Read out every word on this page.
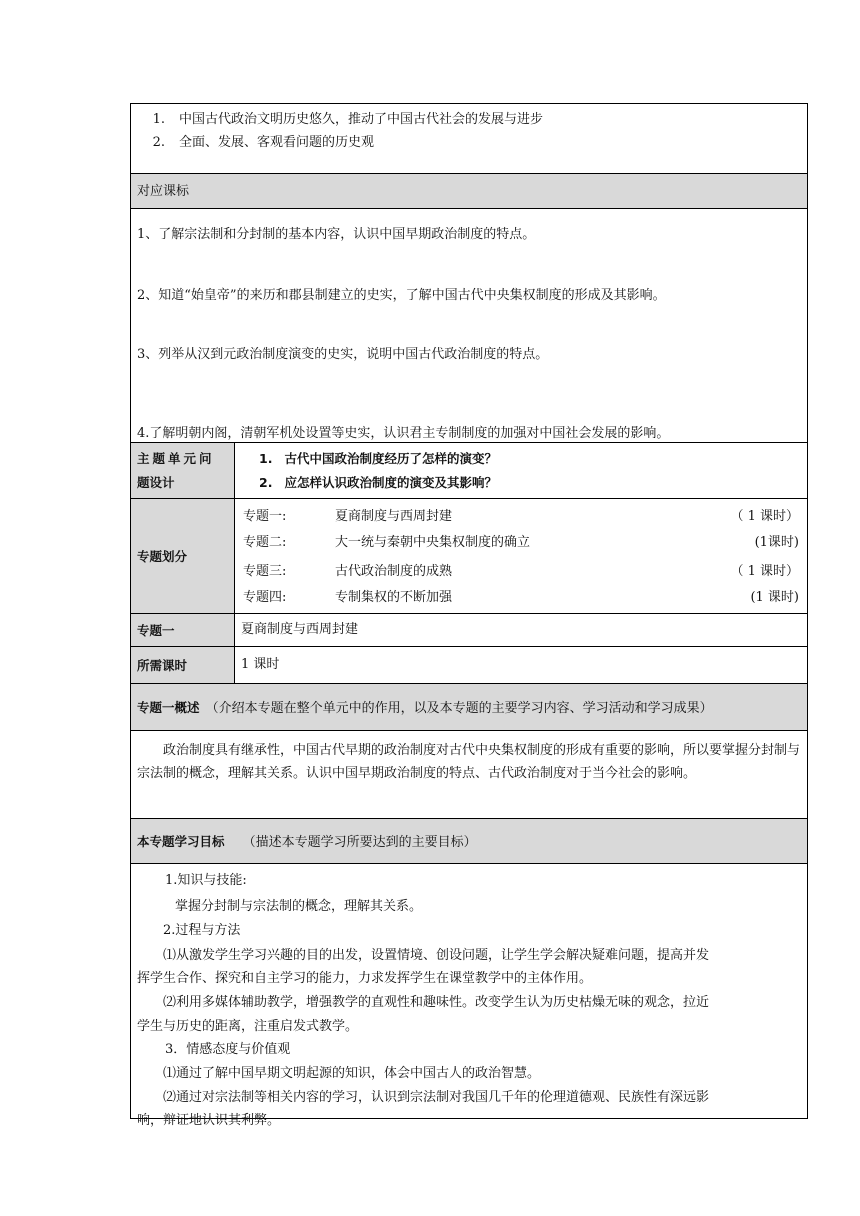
1. 中国古代政治文明历史悠久，推动了中国古代社会的发展与进步
2. 全面、发展、客观看问题的历史观
对应课标
1、了解宗法制和分封制的基本内容，认识中国早期政治制度的特点。
2、知道“始皇帝”的来历和郡县制建立的史实，了解中国古代中央集权制度的形成及其影响。
3、列举从汉到元政治制度演变的史实，说明中国古代政治制度的特点。
4.了解明朝内阁，清朝军机处设置等史实，认识君主专制制度的加强对中国社会发展的影响。
主题单元问
题设计
1. 古代中国政治制度经历了怎样的演变？
2. 应怎样认识政治制度的演变及其影响？
专题划分
专题一:	夏商制度与西周封建	（ 1 课时）
专题二:	大一统与秦朝中央集权制度的确立	(1课时)
专题三:	古代政治制度的成熟	（ 1 课时）
专题四:	专制集权的不断加强	(1 课时)
专题一	夏商制度与西周封建
所需课时	1 课时
专题一概述 （介绍本专题在整个单元中的作用，以及本专题的主要学习内容、学习活动和学习成果）

政治制度具有继承性，中国古代早期的政治制度对古代中央集权制度的形成有重要的影响，所以要掌握分封制与宗法制的概念，理解其关系。认识中国早期政治制度的特点、古代政治制度对于当今社会的影响。

本专题学习目标 （描述本专题学习所要达到的主要目标）
1.知识与技能:
掌握分封制与宗法制的概念，理解其关系。
2.过程与方法
⑴从激发学生学习兴趣的目的出发，设置情境、创设问题，让学生学会解决疑难问题，提高并发
挥学生合作、探究和自主学习的能力，力求发挥学生在课堂教学中的主体作用。
⑵利用多媒体辅助教学，增强教学的直观性和趣味性。改变学生认为历史枯燥无味的观念，拉近
学生与历史的距离，注重启发式教学。
3．情感态度与价值观
⑴通过了解中国早期文明起源的知识，体会中国古人的政治智慧。
⑵通过对宗法制等相关内容的学习，认识到宗法制对我国几千年的伦理道德观、民族性有深远影
响，辩证地认识其利弊。
